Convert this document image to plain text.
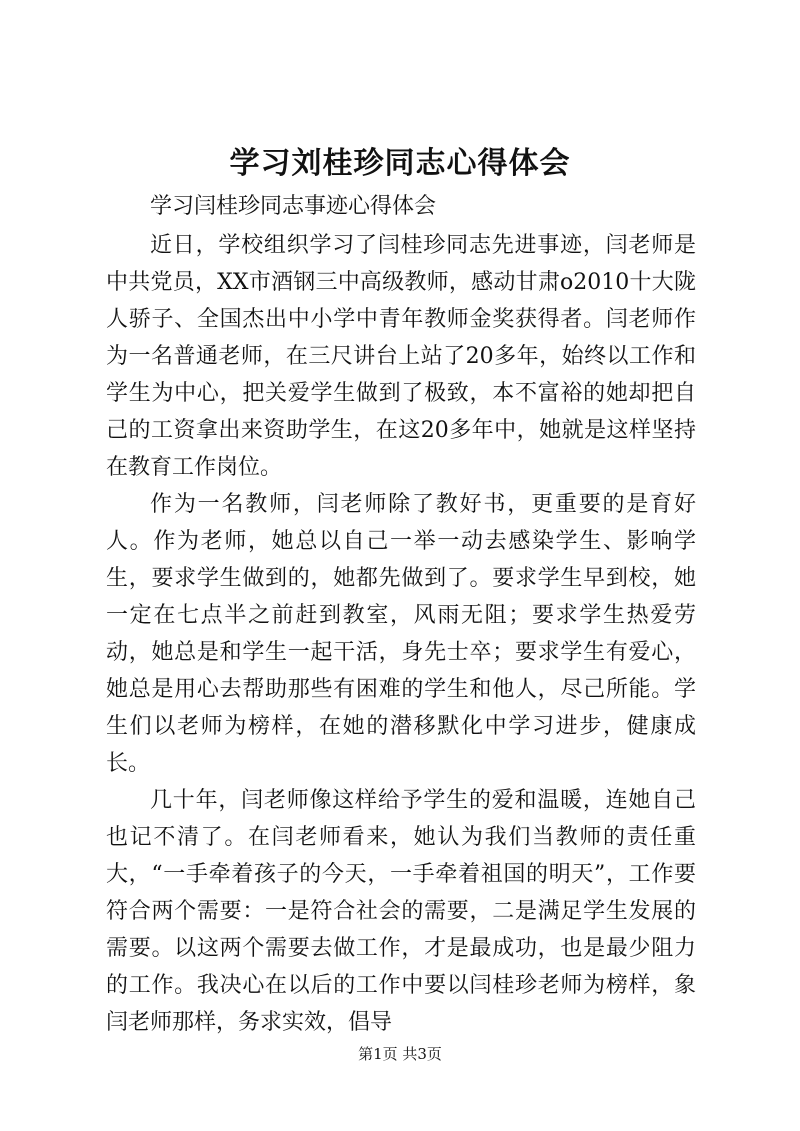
学习刘桂珍同志心得体会

学习闫桂珍同志事迹心得体会

近日，学校组织学习了闫桂珍同志先进事迹，闫老师是中共党员，XX市酒钢三中高级教师，感动甘肃o2010十大陇人骄子、全国杰出中小学中青年教师金奖获得者。闫老师作为一名普通老师，在三尺讲台上站了20多年，始终以工作和学生为中心，把关爱学生做到了极致，本不富裕的她却把自己的工资拿出来资助学生，在这20多年中，她就是这样坚持在教育工作岗位。

作为一名教师，闫老师除了教好书，更重要的是育好人。作为老师，她总以自己一举一动去感染学生、影响学生，要求学生做到的，她都先做到了。要求学生早到校，她一定在七点半之前赶到教室，风雨无阻；要求学生热爱劳动，她总是和学生一起干活，身先士卒；要求学生有爱心，她总是用心去帮助那些有困难的学生和他人，尽己所能。学生们以老师为榜样，在她的潜移默化中学习进步，健康成长。

几十年，闫老师像这样给予学生的爱和温暖，连她自己也记不清了。在闫老师看来，她认为我们当教师的责任重大，“一手牵着孩子的今天，一手牵着祖国的明天”，工作要符合两个需要：一是符合社会的需要，二是满足学生发展的需要。以这两个需要去做工作，才是最成功，也是最少阻力的工作。我决心在以后的工作中要以闫桂珍老师为榜样，象闫老师那样，务求实效，倡导

第1页 共3页
